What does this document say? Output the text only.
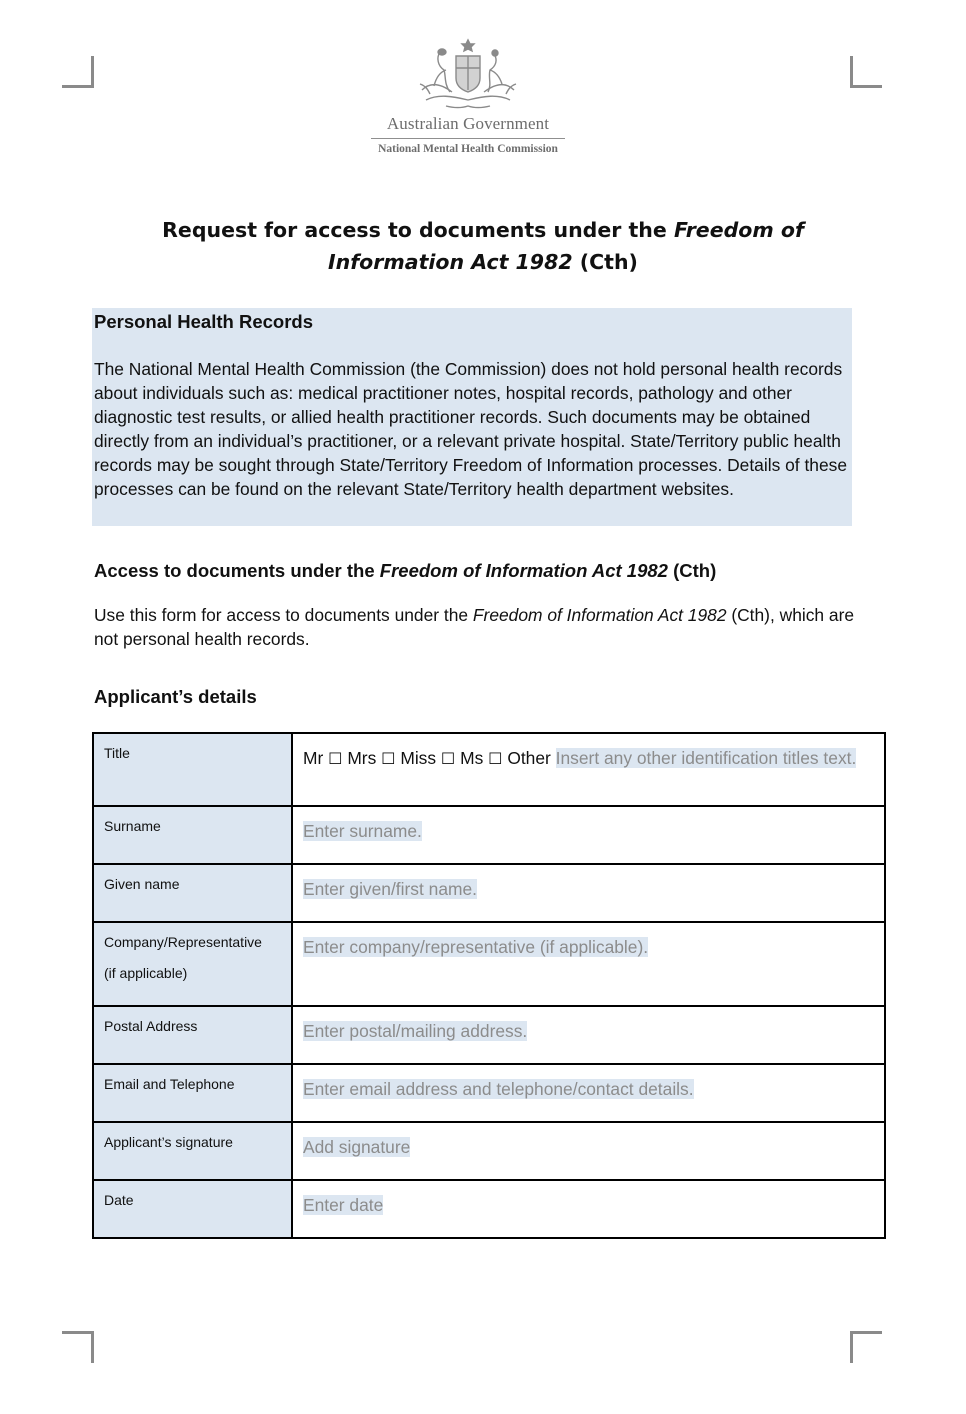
Australian Government
National Mental Health Commission
Request for access to documents under the Freedom of Information Act 1982 (Cth)
Personal Health Records
The National Mental Health Commission (the Commission) does not hold personal health records about individuals such as: medical practitioner notes, hospital records, pathology and other diagnostic test results, or allied health practitioner records. Such documents may be obtained directly from an individual’s practitioner, or a relevant private hospital. State/Territory public health records may be sought through State/Territory Freedom of Information processes. Details of these processes can be found on the relevant State/Territory health department websites.
Access to documents under the Freedom of Information Act 1982 (Cth)
Use this form for access to documents under the Freedom of Information Act 1982 (Cth), which are not personal health records.
Applicant’s details
Title	Mr ☐ Mrs ☐ Miss ☐ Ms ☐ Other Insert any other identification titles text.

Surname	Enter surname.

Given name	Enter given/first name.

Company/Representative
(if applicable)	Enter company/representative (if applicable).

Postal Address	Enter postal/mailing address.

Email and Telephone	Enter email address and telephone/contact details.

Applicant’s signature	Add signature

Date	Enter date
